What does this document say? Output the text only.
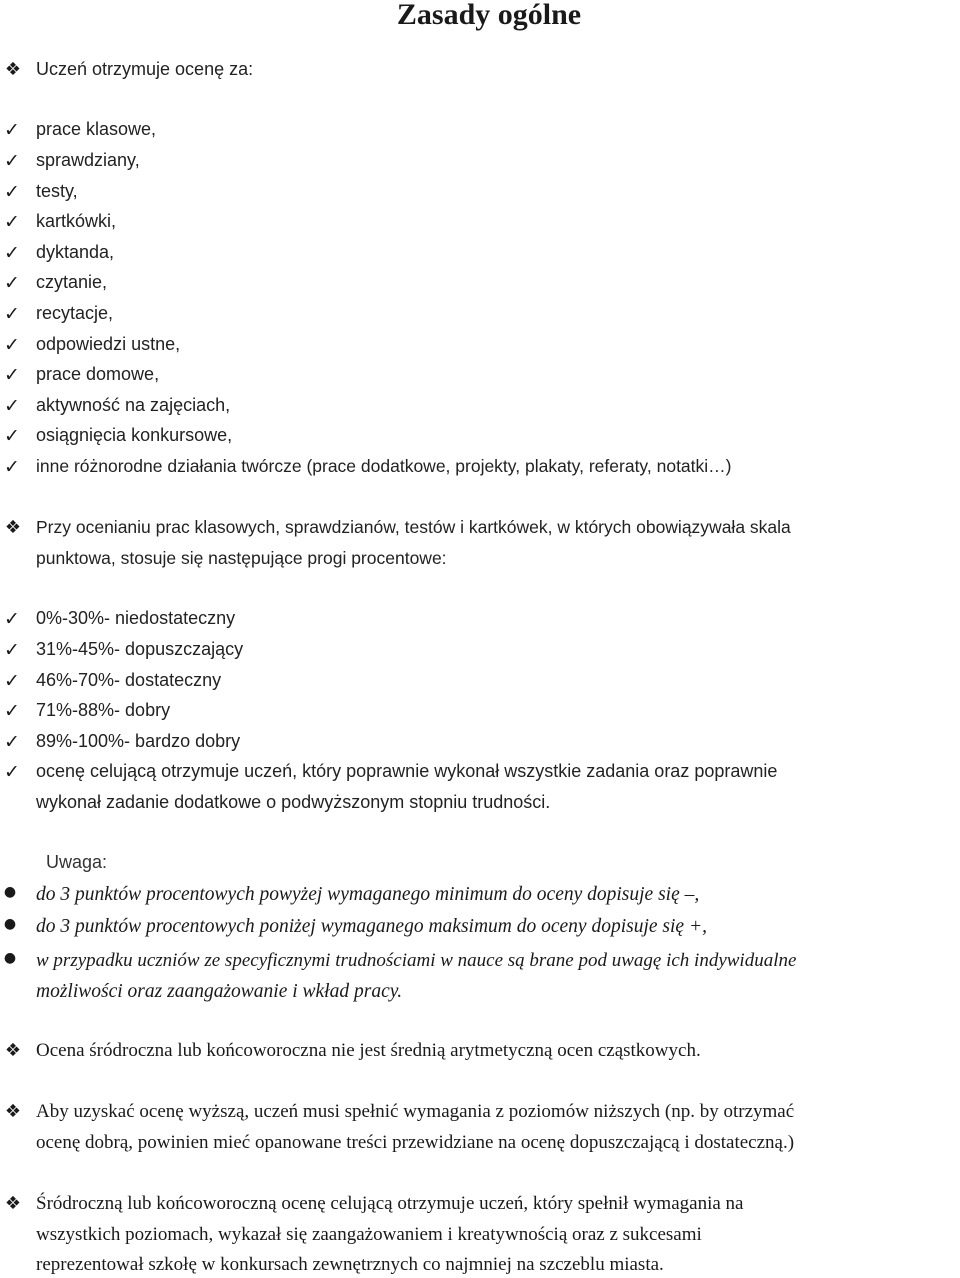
Zasady ogólne
❖ Uczeń otrzymuje ocenę za:
✓ prace klasowe,
✓ sprawdziany,
✓ testy,
✓ kartkówki,
✓ dyktanda,
✓ czytanie,
✓ recytacje,
✓ odpowiedzi ustne,
✓ prace domowe,
✓ aktywność na zajęciach,
✓ osiągnięcia konkursowe,
✓ inne różnorodne działania twórcze (prace dodatkowe, projekty, plakaty, referaty, notatki…)
❖ Przy ocenianiu prac klasowych, sprawdzianów, testów i kartkówek, w których obowiązywała skala
punktowa, stosuje się następujące progi procentowe:
✓ 0%-30%- niedostateczny
✓ 31%-45%- dopuszczający
✓ 46%-70%- dostateczny
✓ 71%-88%- dobry
✓ 89%-100%- bardzo dobry
✓ ocenę celującą otrzymuje uczeń, który poprawnie wykonał wszystkie zadania oraz poprawnie
wykonał zadanie dodatkowe o podwyższonym stopniu trudności.
Uwaga:
● do 3 punktów procentowych powyżej wymaganego minimum do oceny dopisuje się –,
● do 3 punktów procentowych poniżej wymaganego maksimum do oceny dopisuje się +,
● w przypadku uczniów ze specyficznymi trudnościami w nauce są brane pod uwagę ich indywidualne
możliwości oraz zaangażowanie i wkład pracy.
❖ Ocena śródroczna lub końcoworoczna nie jest średnią arytmetyczną ocen cząstkowych.
❖ Aby uzyskać ocenę wyższą, uczeń musi spełnić wymagania z poziomów niższych (np. by otrzymać
ocenę dobrą, powinien mieć opanowane treści przewidziane na ocenę dopuszczającą i dostateczną.)
❖ Śródroczną lub końcoworoczną ocenę celującą otrzymuje uczeń, który spełnił wymagania na
wszystkich poziomach, wykazał się zaangażowaniem i kreatywnością oraz z sukcesami
reprezentował szkołę w konkursach zewnętrznych co najmniej na szczeblu miasta.
